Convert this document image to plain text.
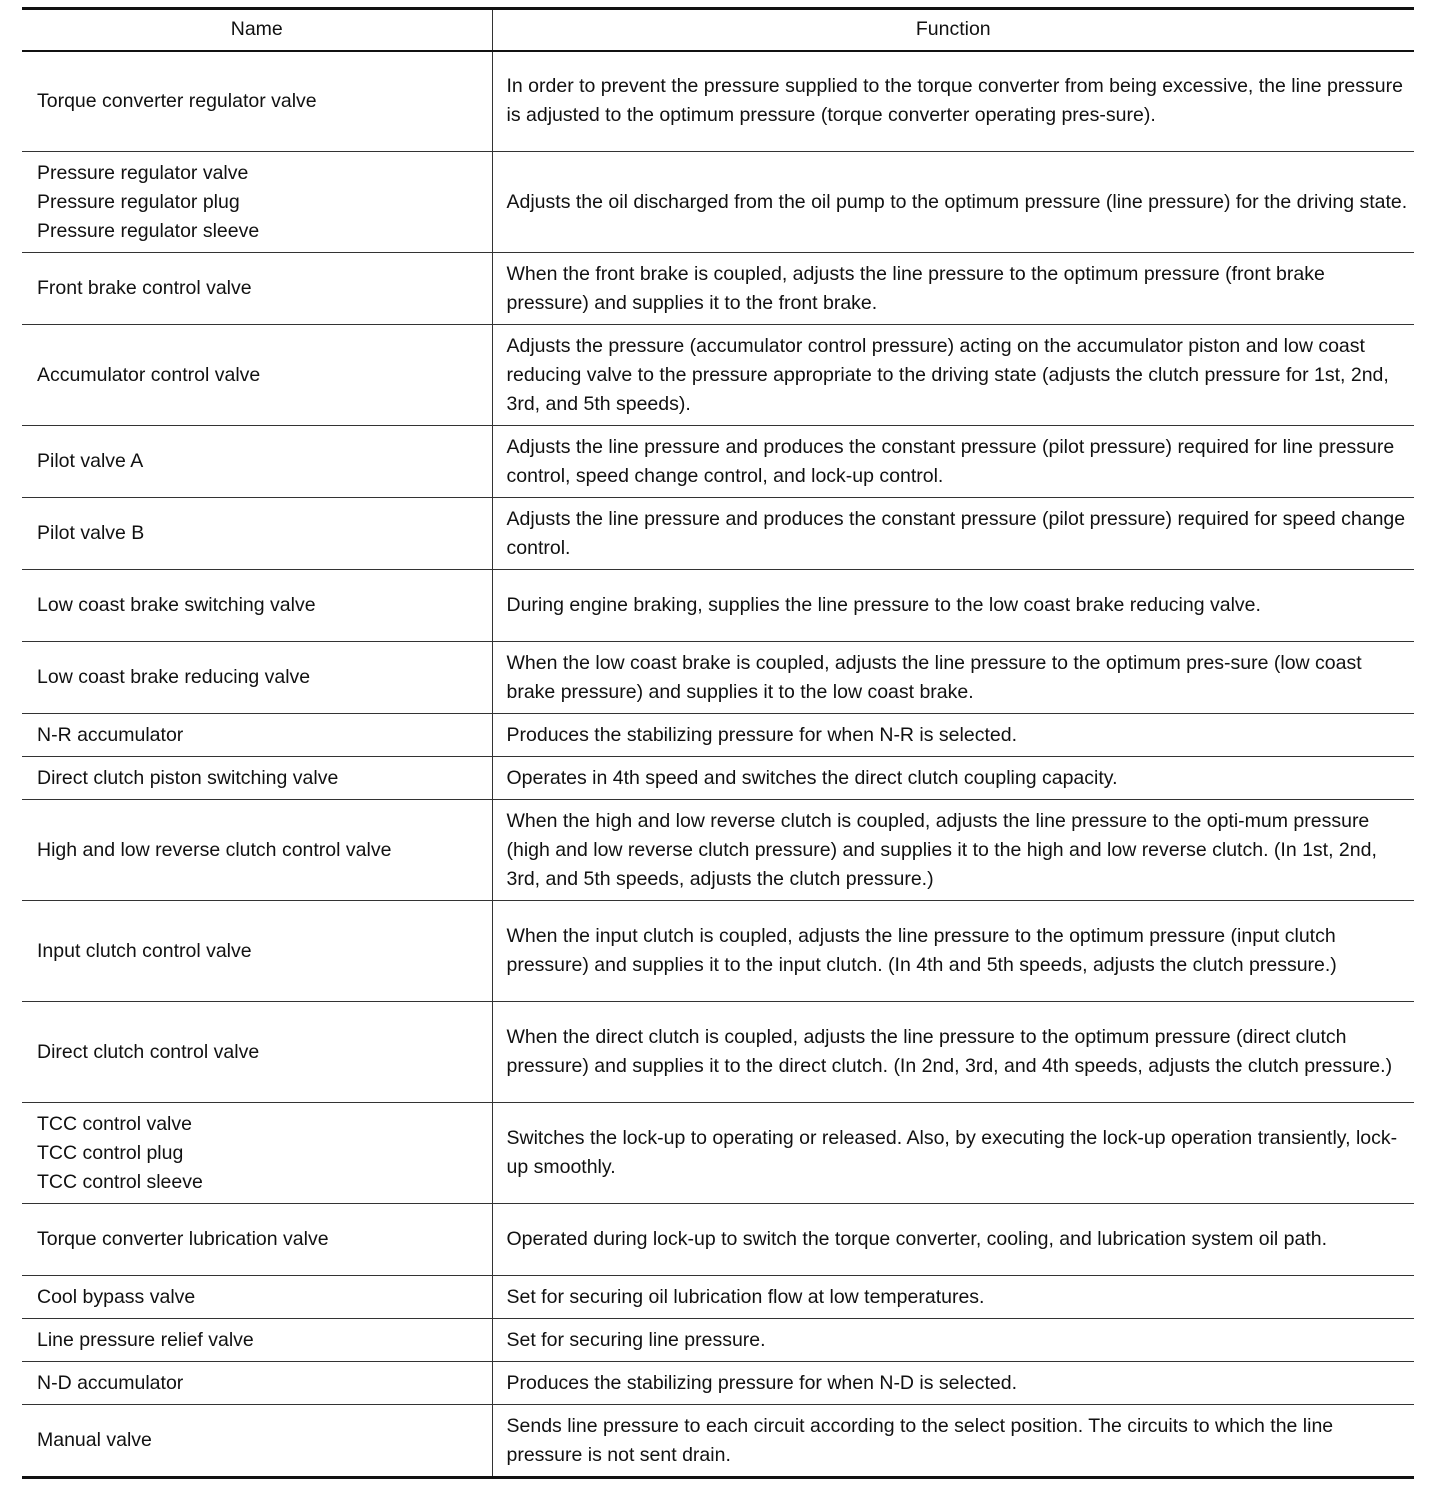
Name	Function

Torque converter regulator valve	In order to prevent the pressure supplied to the torque converter from being excessive, the line pressure is adjusted to the optimum pressure (torque converter operating pres-sure).

Pressure regulator valve
Pressure regulator plug
Pressure regulator sleeve	Adjusts the oil discharged from the oil pump to the optimum pressure (line pressure) for the driving state.

Front brake control valve	When the front brake is coupled, adjusts the line pressure to the optimum pressure (front brake pressure) and supplies it to the front brake.

Accumulator control valve	Adjusts the pressure (accumulator control pressure) acting on the accumulator piston and low coast reducing valve to the pressure appropriate to the driving state (adjusts the clutch pressure for 1st, 2nd, 3rd, and 5th speeds).

Pilot valve A	Adjusts the line pressure and produces the constant pressure (pilot pressure) required for line pressure control, speed change control, and lock-up control.

Pilot valve B	Adjusts the line pressure and produces the constant pressure (pilot pressure) required for speed change control.

Low coast brake switching valve	During engine braking, supplies the line pressure to the low coast brake reducing valve.

Low coast brake reducing valve	When the low coast brake is coupled, adjusts the line pressure to the optimum pres-sure (low coast brake pressure) and supplies it to the low coast brake.

N-R accumulator	Produces the stabilizing pressure for when N-R is selected.

Direct clutch piston switching valve	Operates in 4th speed and switches the direct clutch coupling capacity.

High and low reverse clutch control valve	When the high and low reverse clutch is coupled, adjusts the line pressure to the opti-mum pressure (high and low reverse clutch pressure) and supplies it to the high and low reverse clutch. (In 1st, 2nd, 3rd, and 5th speeds, adjusts the clutch pressure.)

Input clutch control valve	When the input clutch is coupled, adjusts the line pressure to the optimum pressure (input clutch pressure) and supplies it to the input clutch. (In 4th and 5th speeds, adjusts the clutch pressure.)

Direct clutch control valve	When the direct clutch is coupled, adjusts the line pressure to the optimum pressure (direct clutch pressure) and supplies it to the direct clutch. (In 2nd, 3rd, and 4th speeds, adjusts the clutch pressure.)

TCC control valve
TCC control plug
TCC control sleeve	Switches the lock-up to operating or released. Also, by executing the lock-up operation transiently, lock-up smoothly.

Torque converter lubrication valve	Operated during lock-up to switch the torque converter, cooling, and lubrication system oil path.

Cool bypass valve	Set for securing oil lubrication flow at low temperatures.

Line pressure relief valve	Set for securing line pressure.

N-D accumulator	Produces the stabilizing pressure for when N-D is selected.

Manual valve	Sends line pressure to each circuit according to the select position. The circuits to which the line pressure is not sent drain.
